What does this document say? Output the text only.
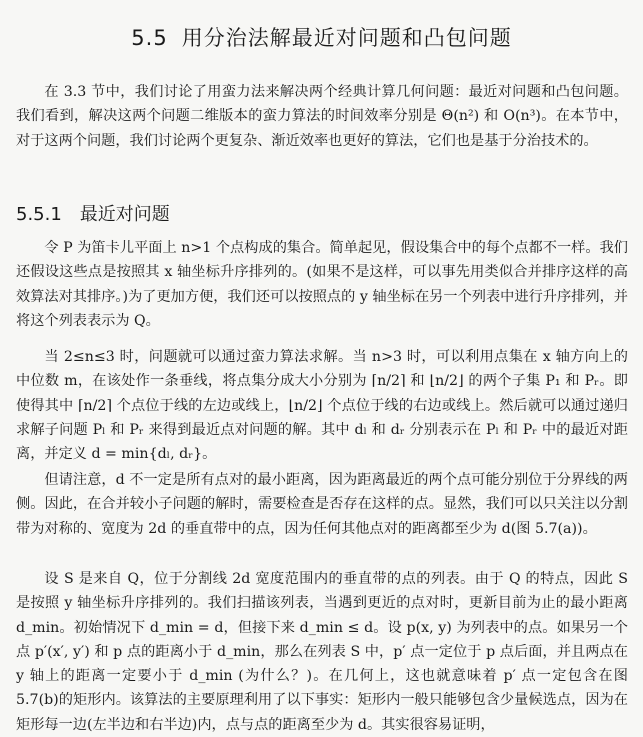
5.5 用分治法解最近对问题和凸包问题

在 3.3 节中，我们讨论了用蛮力法来解决两个经典计算几何问题：最近对问题和凸包问题。我们看到，解决这两个问题二维版本的蛮力算法的时间效率分别是 Θ(n²) 和 O(n³)。在本节中，对于这两个问题，我们讨论两个更复杂、渐近效率也更好的算法，它们也是基于分治技术的。

5.5.1 最近对问题

令 P 为笛卡儿平面上 n>1 个点构成的集合。简单起见，假设集合中的每个点都不一样。我们还假设这些点是按照其 x 轴坐标升序排列的。(如果不是这样，可以事先用类似合并排序这样的高效算法对其排序。)为了更加方便，我们还可以按照点的 y 轴坐标在另一个列表中进行升序排列，并将这个列表表示为 Q。

当 2≤n≤3 时，问题就可以通过蛮力算法求解。当 n>3 时，可以利用点集在 x 轴方向上的中位数 m，在该处作一条垂线，将点集分成大小分别为 ⌈n/2⌉ 和 ⌊n/2⌋ 的两个子集 P₁ 和 Pᵣ。即使得其中 ⌈n/2⌉ 个点位于线的左边或线上，⌊n/2⌋ 个点位于线的右边或线上。然后就可以通过递归求解子问题 Pₗ 和 Pᵣ 来得到最近点对问题的解。其中 dₗ 和 dᵣ 分别表示在 Pₗ 和 Pᵣ 中的最近对距离，并定义 d = min{dₗ, dᵣ}。

但请注意，d 不一定是所有点对的最小距离，因为距离最近的两个点可能分别位于分界线的两侧。因此，在合并较小子问题的解时，需要检查是否存在这样的点。显然，我们可以只关注以分割带为对称的、宽度为 2d 的垂直带中的点，因为任何其他点对的距离都至少为 d(图 5.7(a))。

设 S 是来自 Q，位于分割线 2d 宽度范围内的垂直带的点的列表。由于 Q 的特点，因此 S 是按照 y 轴坐标升序排列的。我们扫描该列表，当遇到更近的点对时，更新目前为止的最小距离 d_min。初始情况下 d_min = d，但接下来 d_min ≤ d。设 p(x, y) 为列表中的点。如果另一个点 p′(x′, y′) 和 p 点的距离小于 d_min，那么在列表 S 中，p′ 点一定位于 p 点后面，并且两点在 y 轴上的距离一定要小于 d_min (为什么？)。在几何上，这也就意味着 p′ 点一定包含在图 5.7(b)的矩形内。该算法的主要原理利用了以下事实：矩形内一般只能够包含少量候选点，因为在矩形每一边(左半边和右半边)内，点与点的距离至少为 d。其实很容易证明，
